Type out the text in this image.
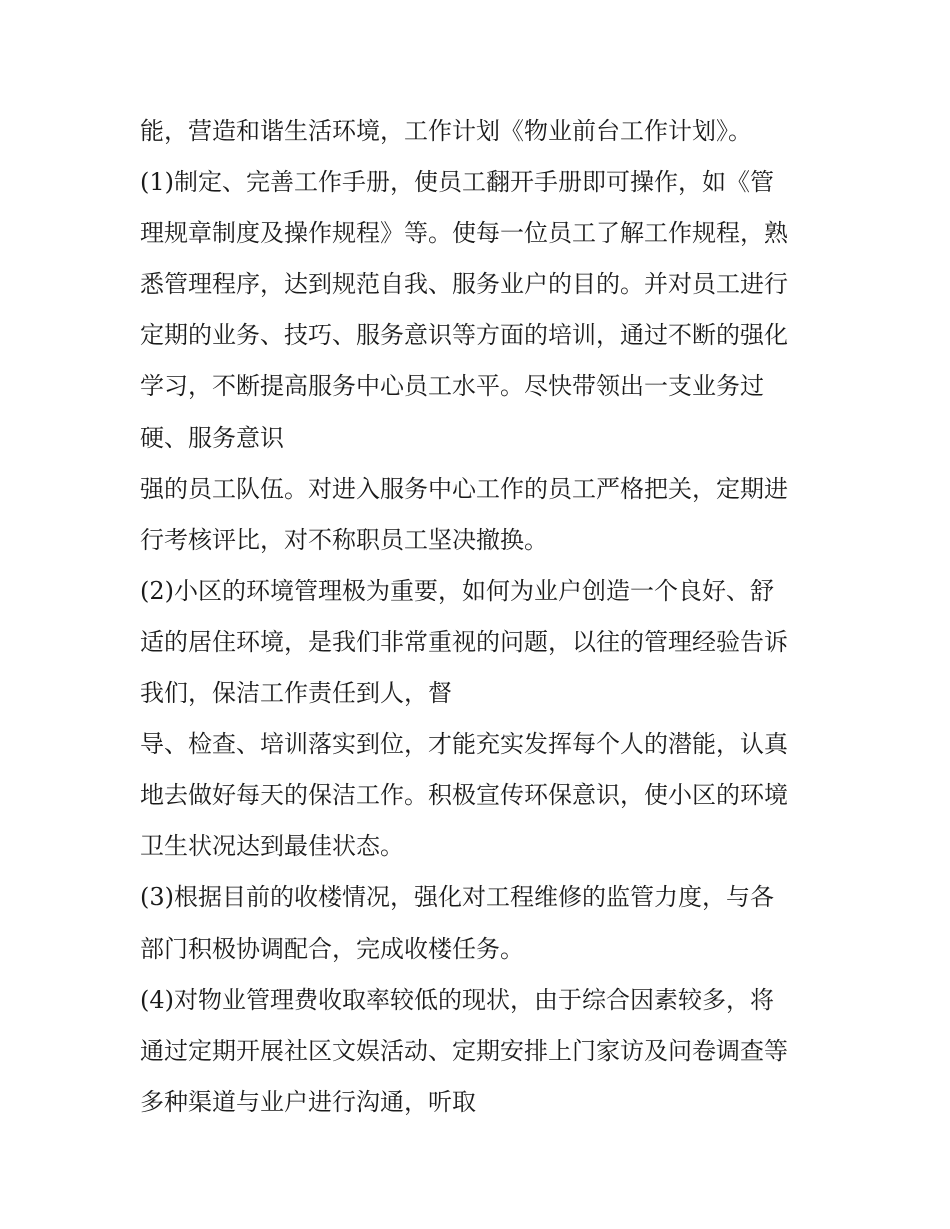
能，营造和谐生活环境，工作计划《物业前台工作计划》。
(1)制定、完善工作手册，使员工翻开手册即可操作，如《管
理规章制度及操作规程》等。使每一位员工了解工作规程，熟
悉管理程序，达到规范自我、服务业户的目的。并对员工进行
定期的业务、技巧、服务意识等方面的培训，通过不断的强化
学习，不断提高服务中心员工水平。尽快带领出一支业务过
硬、服务意识
强的员工队伍。对进入服务中心工作的员工严格把关，定期进
行考核评比，对不称职员工坚决撤换。
(2)小区的环境管理极为重要，如何为业户创造一个良好、舒
适的居住环境，是我们非常重视的问题，以往的管理经验告诉
我们，保洁工作责任到人，督
导、检查、培训落实到位，才能充实发挥每个人的潜能，认真
地去做好每天的保洁工作。积极宣传环保意识，使小区的环境
卫生状况达到最佳状态。
(3)根据目前的收楼情况，强化对工程维修的监管力度，与各
部门积极协调配合，完成收楼任务。
(4)对物业管理费收取率较低的现状，由于综合因素较多，将
通过定期开展社区文娱活动、定期安排上门家访及问卷调查等
多种渠道与业户进行沟通，听取
